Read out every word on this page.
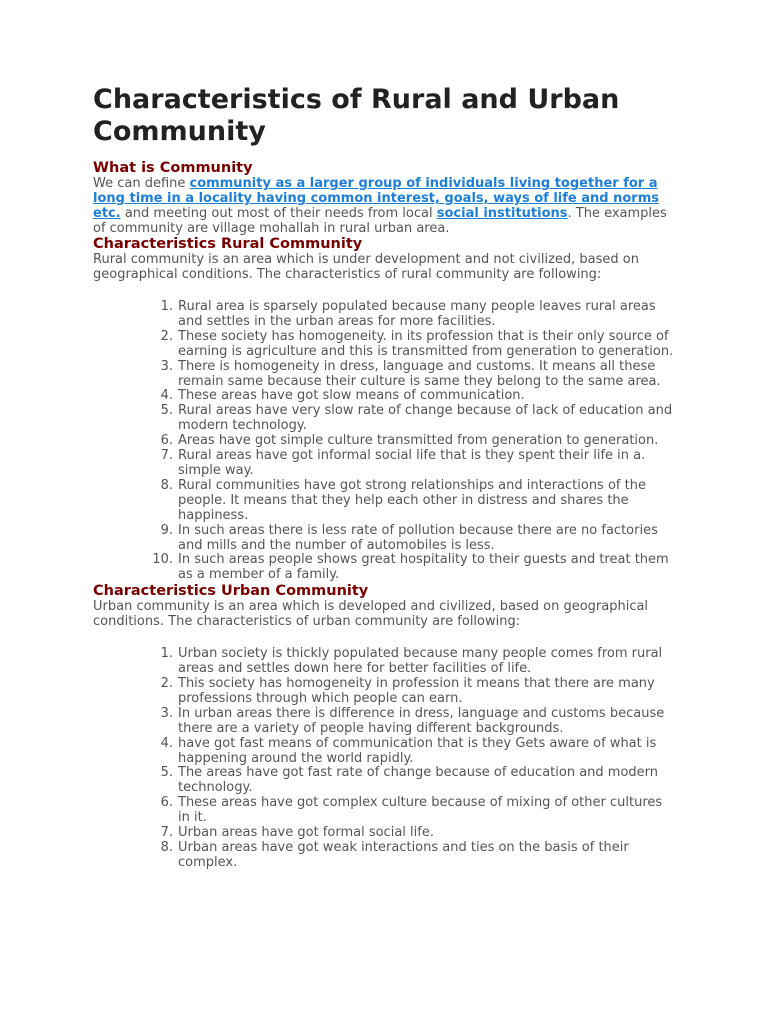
Characteristics of Rural and Urban Community
What is Community

We can define community as a larger group of individuals living together for a long time in a locality having common interest, goals, ways of life and norms etc. and meeting out most of their needs from local social institutions. The examples of community are village mohallah in rural urban area.

Characteristics Rural Community

Rural community is an area which is under development and not civilized, based on geographical conditions. The characteristics of rural community are following:

1. Rural area is sparsely populated because many people leaves rural areas and settles in the urban areas for more facilities.
2. These society has homogeneity. in its profession that is their only source of earning is agriculture and this is transmitted from generation to generation.
3. There is homogeneity in dress, language and customs. It means all these remain same because their culture is same they belong to the same area.
4. These areas have got slow means of communication.
5. Rural areas have very slow rate of change because of lack of education and modern technology.
6. Areas have got simple culture transmitted from generation to generation.
7. Rural areas have got informal social life that is they spent their life in a. simple way.
8. Rural communities have got strong relationships and interactions of the people. It means that they help each other in distress and shares the happiness.
9. In such areas there is less rate of pollution because there are no factories and mills and the number of automobiles is less.
10. In such areas people shows great hospitality to their guests and treat them as a member of a family.
Characteristics Urban Community

Urban community is an area which is developed and civilized, based on geographical conditions. The characteristics of urban community are following:

1. Urban society is thickly populated because many people comes from rural areas and settles down here for better facilities of life.
2. This society has homogeneity in profession it means that there are many professions through which people can earn.
3. In urban areas there is difference in dress, language and customs because there are a variety of people having different backgrounds.
4. have got fast means of communication that is they Gets aware of what is happening around the world rapidly.
5. The areas have got fast rate of change because of education and modern technology.
6. These areas have got complex culture because of mixing of other cultures in it.
7. Urban areas have got formal social life.
8. Urban areas have got weak interactions and ties on the basis of their complex.
